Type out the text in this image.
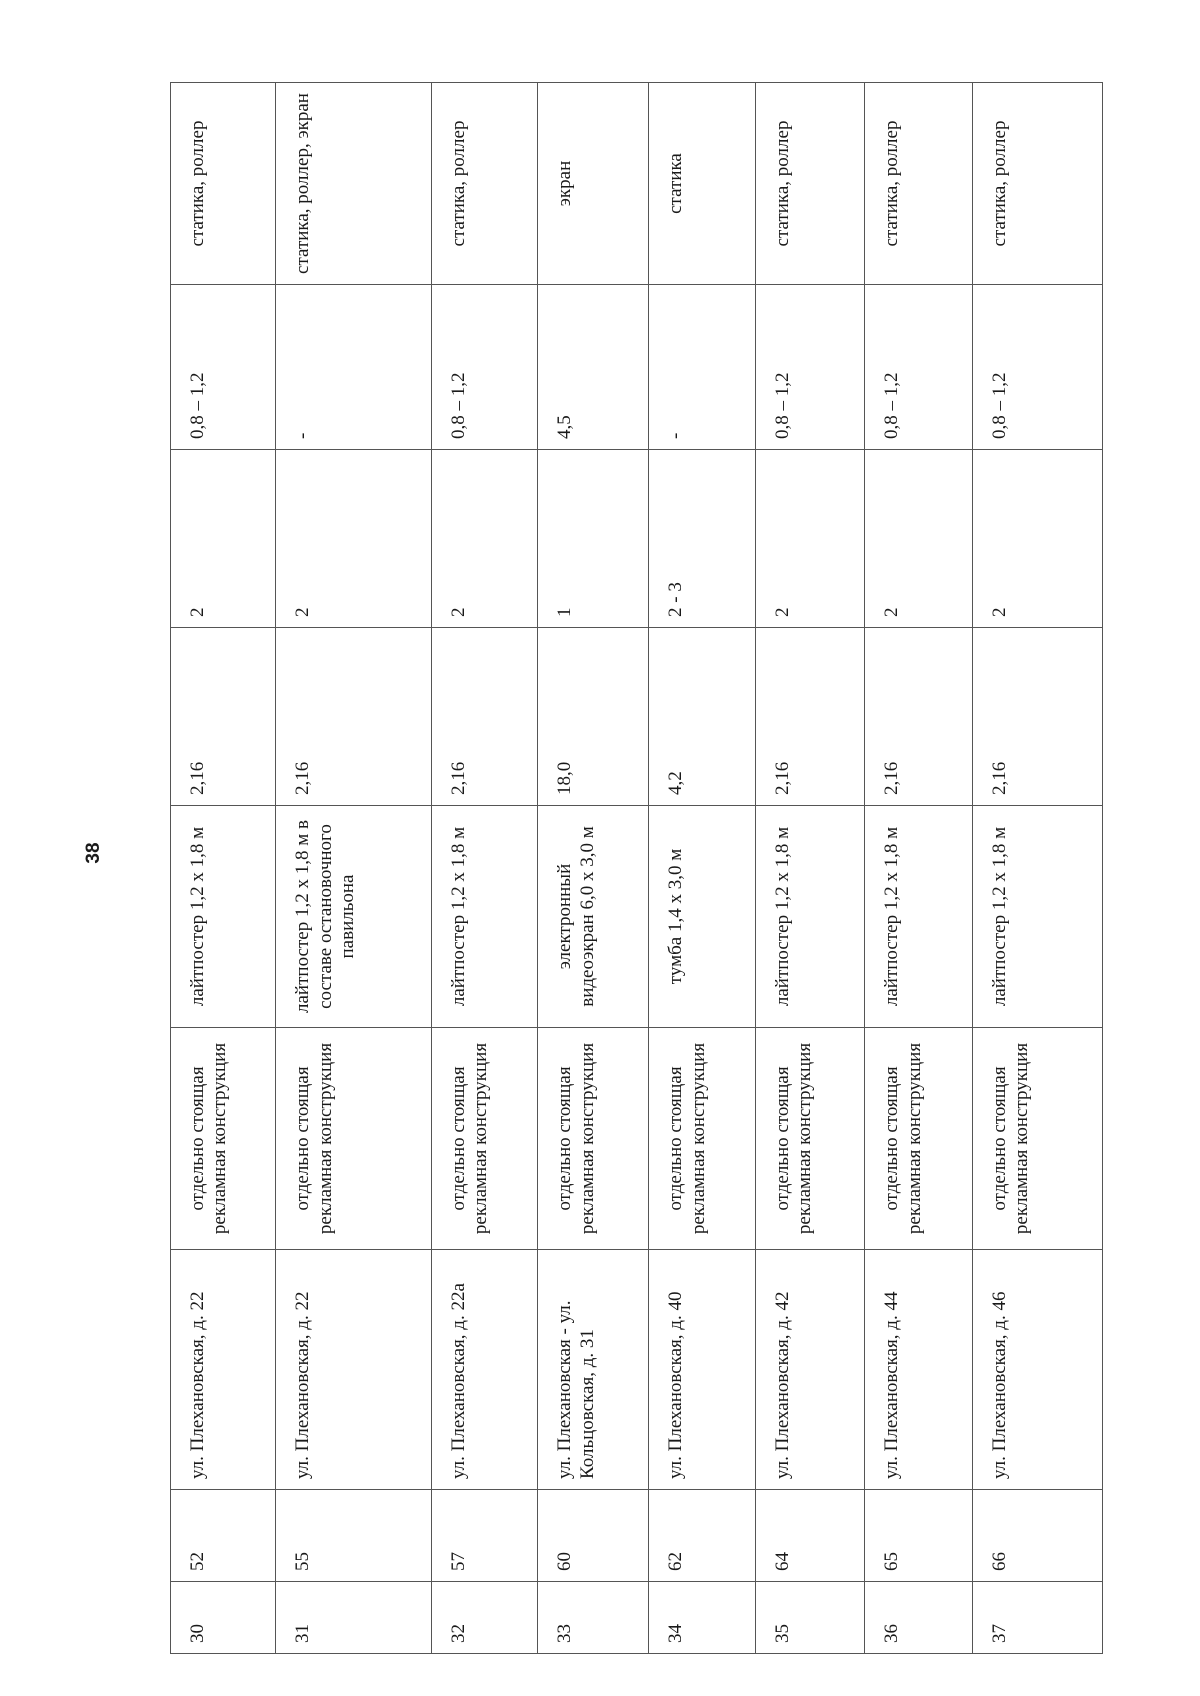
38
30	52	ул. Плехановская, д. 22	отдельно стоящая рекламная конструкция	лайтпостер 1,2 х 1,8 м	2,16	2	0,8 – 1,2	статика, роллер
31	55	ул. Плехановская, д. 22	отдельно стоящая рекламная конструкция	лайтпостер 1,2 х 1,8 м в составе остановочного павильона	2,16	2	-	статика, роллер, экран
32	57	ул. Плехановская, д. 22а	отдельно стоящая рекламная конструкция	лайтпостер 1,2 х 1,8 м	2,16	2	0,8 – 1,2	статика, роллер
33	60	ул. Плехановская - ул. Кольцовская, д. 31	отдельно стоящая рекламная конструкция	электронный видеоэкран 6,0 х 3,0 м	18,0	1	4,5	экран
34	62	ул. Плехановская, д. 40	отдельно стоящая рекламная конструкция	тумба 1,4 х 3,0 м	4,2	2 - 3	-	статика
35	64	ул. Плехановская, д. 42	отдельно стоящая рекламная конструкция	лайтпостер 1,2 х 1,8 м	2,16	2	0,8 – 1,2	статика, роллер
36	65	ул. Плехановская, д. 44	отдельно стоящая рекламная конструкция	лайтпостер 1,2 х 1,8 м	2,16	2	0,8 – 1,2	статика, роллер
37	66	ул. Плехановская, д. 46	отдельно стоящая рекламная конструкция	лайтпостер 1,2 х 1,8 м	2,16	2	0,8 – 1,2	статика, роллер
